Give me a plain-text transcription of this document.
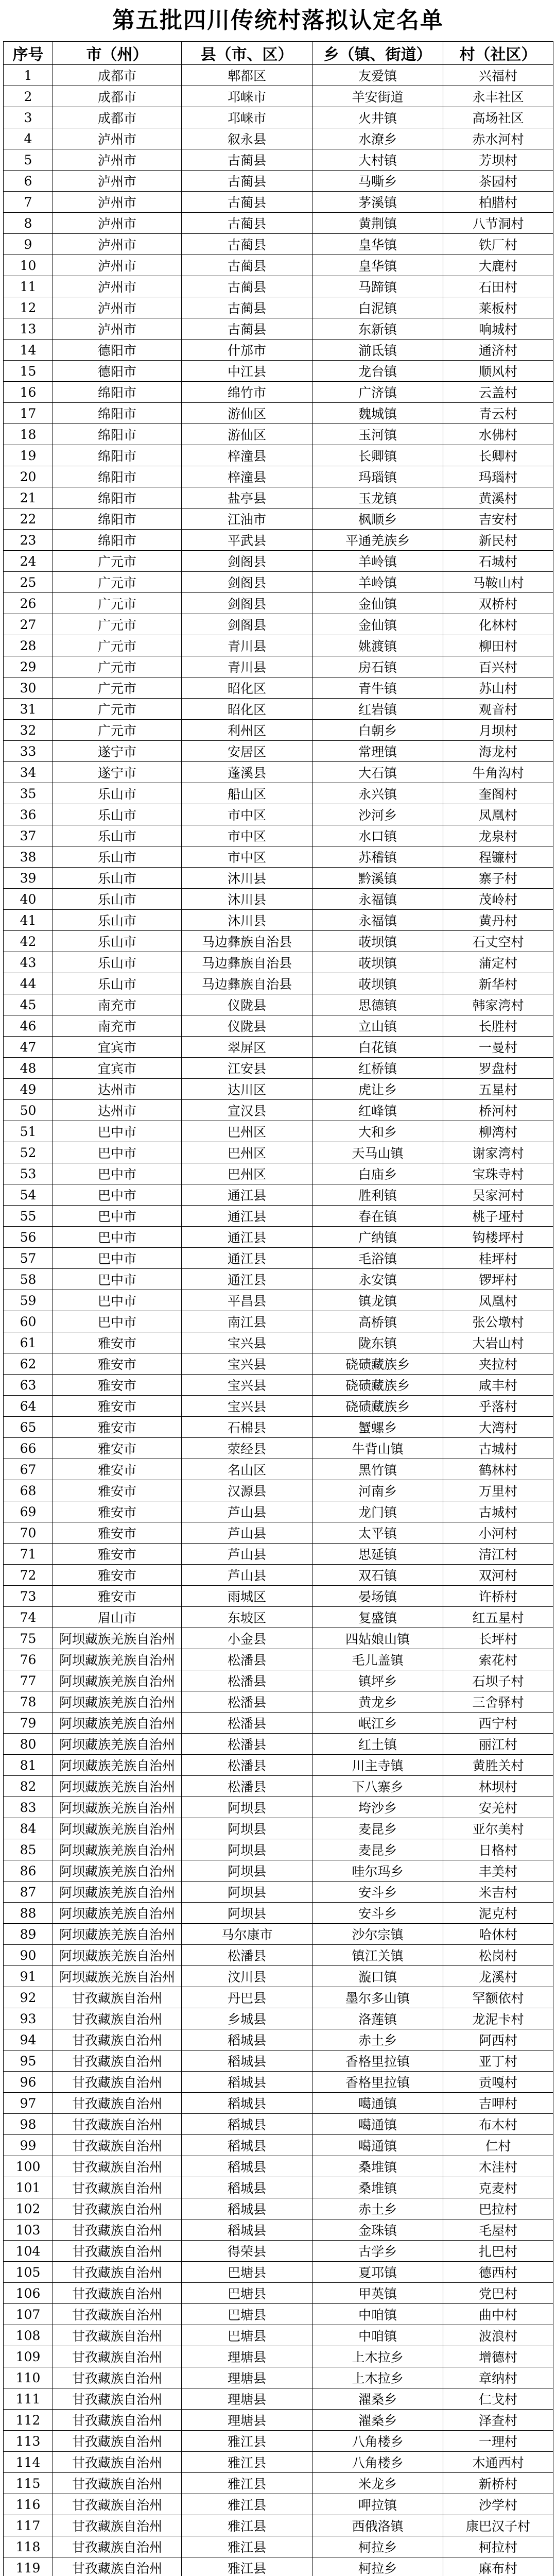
第五批四川传统村落拟认定名单
序号	市（州）	县（市、区）	乡（镇、街道）	村（社区）
1	成都市	郫都区	友爱镇	兴福村
2	成都市	邛崃市	羊安街道	永丰社区
3	成都市	邛崃市	火井镇	高场社区
4	泸州市	叙永县	水潦乡	赤水河村
5	泸州市	古蔺县	大村镇	芳坝村
6	泸州市	古蔺县	马嘶乡	茶园村
7	泸州市	古蔺县	茅溪镇	柏腊村
8	泸州市	古蔺县	黄荆镇	八节洞村
9	泸州市	古蔺县	皇华镇	铁厂村
10	泸州市	古蔺县	皇华镇	大鹿村
11	泸州市	古蔺县	马蹄镇	石田村
12	泸州市	古蔺县	白泥镇	莱板村
13	泸州市	古蔺县	东新镇	响城村
14	德阳市	什邡市	湔氐镇	通济村
15	德阳市	中江县	龙台镇	顺风村
16	绵阳市	绵竹市	广济镇	云盖村
17	绵阳市	游仙区	魏城镇	青云村
18	绵阳市	游仙区	玉河镇	水佛村
19	绵阳市	梓潼县	长卿镇	长卿村
20	绵阳市	梓潼县	玛瑙镇	玛瑙村
21	绵阳市	盐亭县	玉龙镇	黄溪村
22	绵阳市	江油市	枫顺乡	吉安村
23	绵阳市	平武县	平通羌族乡	新民村
24	广元市	剑阁县	羊岭镇	石城村
25	广元市	剑阁县	羊岭镇	马鞍山村
26	广元市	剑阁县	金仙镇	双桥村
27	广元市	剑阁县	金仙镇	化林村
28	广元市	青川县	姚渡镇	柳田村
29	广元市	青川县	房石镇	百兴村
30	广元市	昭化区	青牛镇	苏山村
31	广元市	昭化区	红岩镇	观音村
32	广元市	利州区	白朝乡	月坝村
33	遂宁市	安居区	常理镇	海龙村
34	遂宁市	蓬溪县	大石镇	牛角沟村
35	乐山市	船山区	永兴镇	奎阁村
36	乐山市	市中区	沙河乡	凤凰村
37	乐山市	市中区	水口镇	龙泉村
38	乐山市	市中区	苏稽镇	程镰村
39	乐山市	沐川县	黔溪镇	寨子村
40	乐山市	沐川县	永福镇	茂岭村
41	乐山市	沐川县	永福镇	黄丹村
42	乐山市	马边彝族自治县	荍坝镇	石丈空村
43	乐山市	马边彝族自治县	荍坝镇	蒲定村
44	乐山市	马边彝族自治县	荍坝镇	新华村
45	南充市	仪陇县	思德镇	韩家湾村
46	南充市	仪陇县	立山镇	长胜村
47	宜宾市	翠屏区	白花镇	一曼村
48	宜宾市	江安县	红桥镇	罗盘村
49	达州市	达川区	虎让乡	五星村
50	达州市	宣汉县	红峰镇	桥河村
51	巴中市	巴州区	大和乡	柳湾村
52	巴中市	巴州区	天马山镇	谢家湾村
53	巴中市	巴州区	白庙乡	宝珠寺村
54	巴中市	通江县	胜利镇	吴家河村
55	巴中市	通江县	春在镇	桃子垭村
56	巴中市	通江县	广纳镇	钩楼坪村
57	巴中市	通江县	毛浴镇	桂坪村
58	巴中市	通江县	永安镇	锣坪村
59	巴中市	平昌县	镇龙镇	凤凰村
60	巴中市	南江县	高桥镇	张公墩村
61	雅安市	宝兴县	陇东镇	大岩山村
62	雅安市	宝兴县	硗碛藏族乡	夹拉村
63	雅安市	宝兴县	硗碛藏族乡	咸丰村
64	雅安市	宝兴县	硗碛藏族乡	乎落村
65	雅安市	石棉县	蟹螺乡	大湾村
66	雅安市	荥经县	牛背山镇	古城村
67	雅安市	名山区	黑竹镇	鹤林村
68	雅安市	汉源县	河南乡	万里村
69	雅安市	芦山县	龙门镇	古城村
70	雅安市	芦山县	太平镇	小河村
71	雅安市	芦山县	思延镇	清江村
72	雅安市	芦山县	双石镇	双河村
73	雅安市	雨城区	晏场镇	许桥村
74	眉山市	东坡区	复盛镇	红五星村
75	阿坝藏族羌族自治州	小金县	四姑娘山镇	长坪村
76	阿坝藏族羌族自治州	松潘县	毛儿盖镇	索花村
77	阿坝藏族羌族自治州	松潘县	镇坪乡	石坝子村
78	阿坝藏族羌族自治州	松潘县	黄龙乡	三舍驿村
79	阿坝藏族羌族自治州	松潘县	岷江乡	西宁村
80	阿坝藏族羌族自治州	松潘县	红土镇	丽江村
81	阿坝藏族羌族自治州	松潘县	川主寺镇	黄胜关村
82	阿坝藏族羌族自治州	松潘县	下八寨乡	林坝村
83	阿坝藏族羌族自治州	阿坝县	垮沙乡	安羌村
84	阿坝藏族羌族自治州	阿坝县	麦昆乡	亚尔美村
85	阿坝藏族羌族自治州	阿坝县	麦昆乡	日格村
86	阿坝藏族羌族自治州	阿坝县	哇尔玛乡	丰美村
87	阿坝藏族羌族自治州	阿坝县	安斗乡	米吉村
88	阿坝藏族羌族自治州	阿坝县	安斗乡	泥克村
89	阿坝藏族羌族自治州	马尔康市	沙尔宗镇	哈休村
90	阿坝藏族羌族自治州	松潘县	镇江关镇	松岗村
91	阿坝藏族羌族自治州	汶川县	漩口镇	龙溪村
92	甘孜藏族自治州	丹巴县	墨尔多山镇	罕额依村
93	甘孜藏族自治州	乡城县	洛莲镇	龙泥卡村
94	甘孜藏族自治州	稻城县	赤土乡	阿西村
95	甘孜藏族自治州	稻城县	香格里拉镇	亚丁村
96	甘孜藏族自治州	稻城县	香格里拉镇	贡嘎村
97	甘孜藏族自治州	稻城县	噶通镇	吉呷村
98	甘孜藏族自治州	稻城县	噶通镇	布木村
99	甘孜藏族自治州	稻城县	噶通镇	仁村
100	甘孜藏族自治州	稻城县	桑堆镇	木洼村
101	甘孜藏族自治州	稻城县	桑堆镇	克麦村
102	甘孜藏族自治州	稻城县	赤土乡	巴拉村
103	甘孜藏族自治州	稻城县	金珠镇	毛屋村
104	甘孜藏族自治州	得荣县	古学乡	扎巴村
105	甘孜藏族自治州	巴塘县	夏邛镇	德西村
106	甘孜藏族自治州	巴塘县	甲英镇	党巴村
107	甘孜藏族自治州	巴塘县	中咱镇	曲中村
108	甘孜藏族自治州	巴塘县	中咱镇	波浪村
109	甘孜藏族自治州	理塘县	上木拉乡	增德村
110	甘孜藏族自治州	理塘县	上木拉乡	章纳村
111	甘孜藏族自治州	理塘县	濯桑乡	仁戈村
112	甘孜藏族自治州	理塘县	濯桑乡	泽查村
113	甘孜藏族自治州	雅江县	八角楼乡	一理村
114	甘孜藏族自治州	雅江县	八角楼乡	木通西村
115	甘孜藏族自治州	雅江县	米龙乡	新桥村
116	甘孜藏族自治州	雅江县	呷拉镇	沙学村
117	甘孜藏族自治州	雅江县	西俄洛镇	康巴汉子村
118	甘孜藏族自治州	雅江县	柯拉乡	柯拉村
119	甘孜藏族自治州	雅江县	柯拉乡	麻布村
